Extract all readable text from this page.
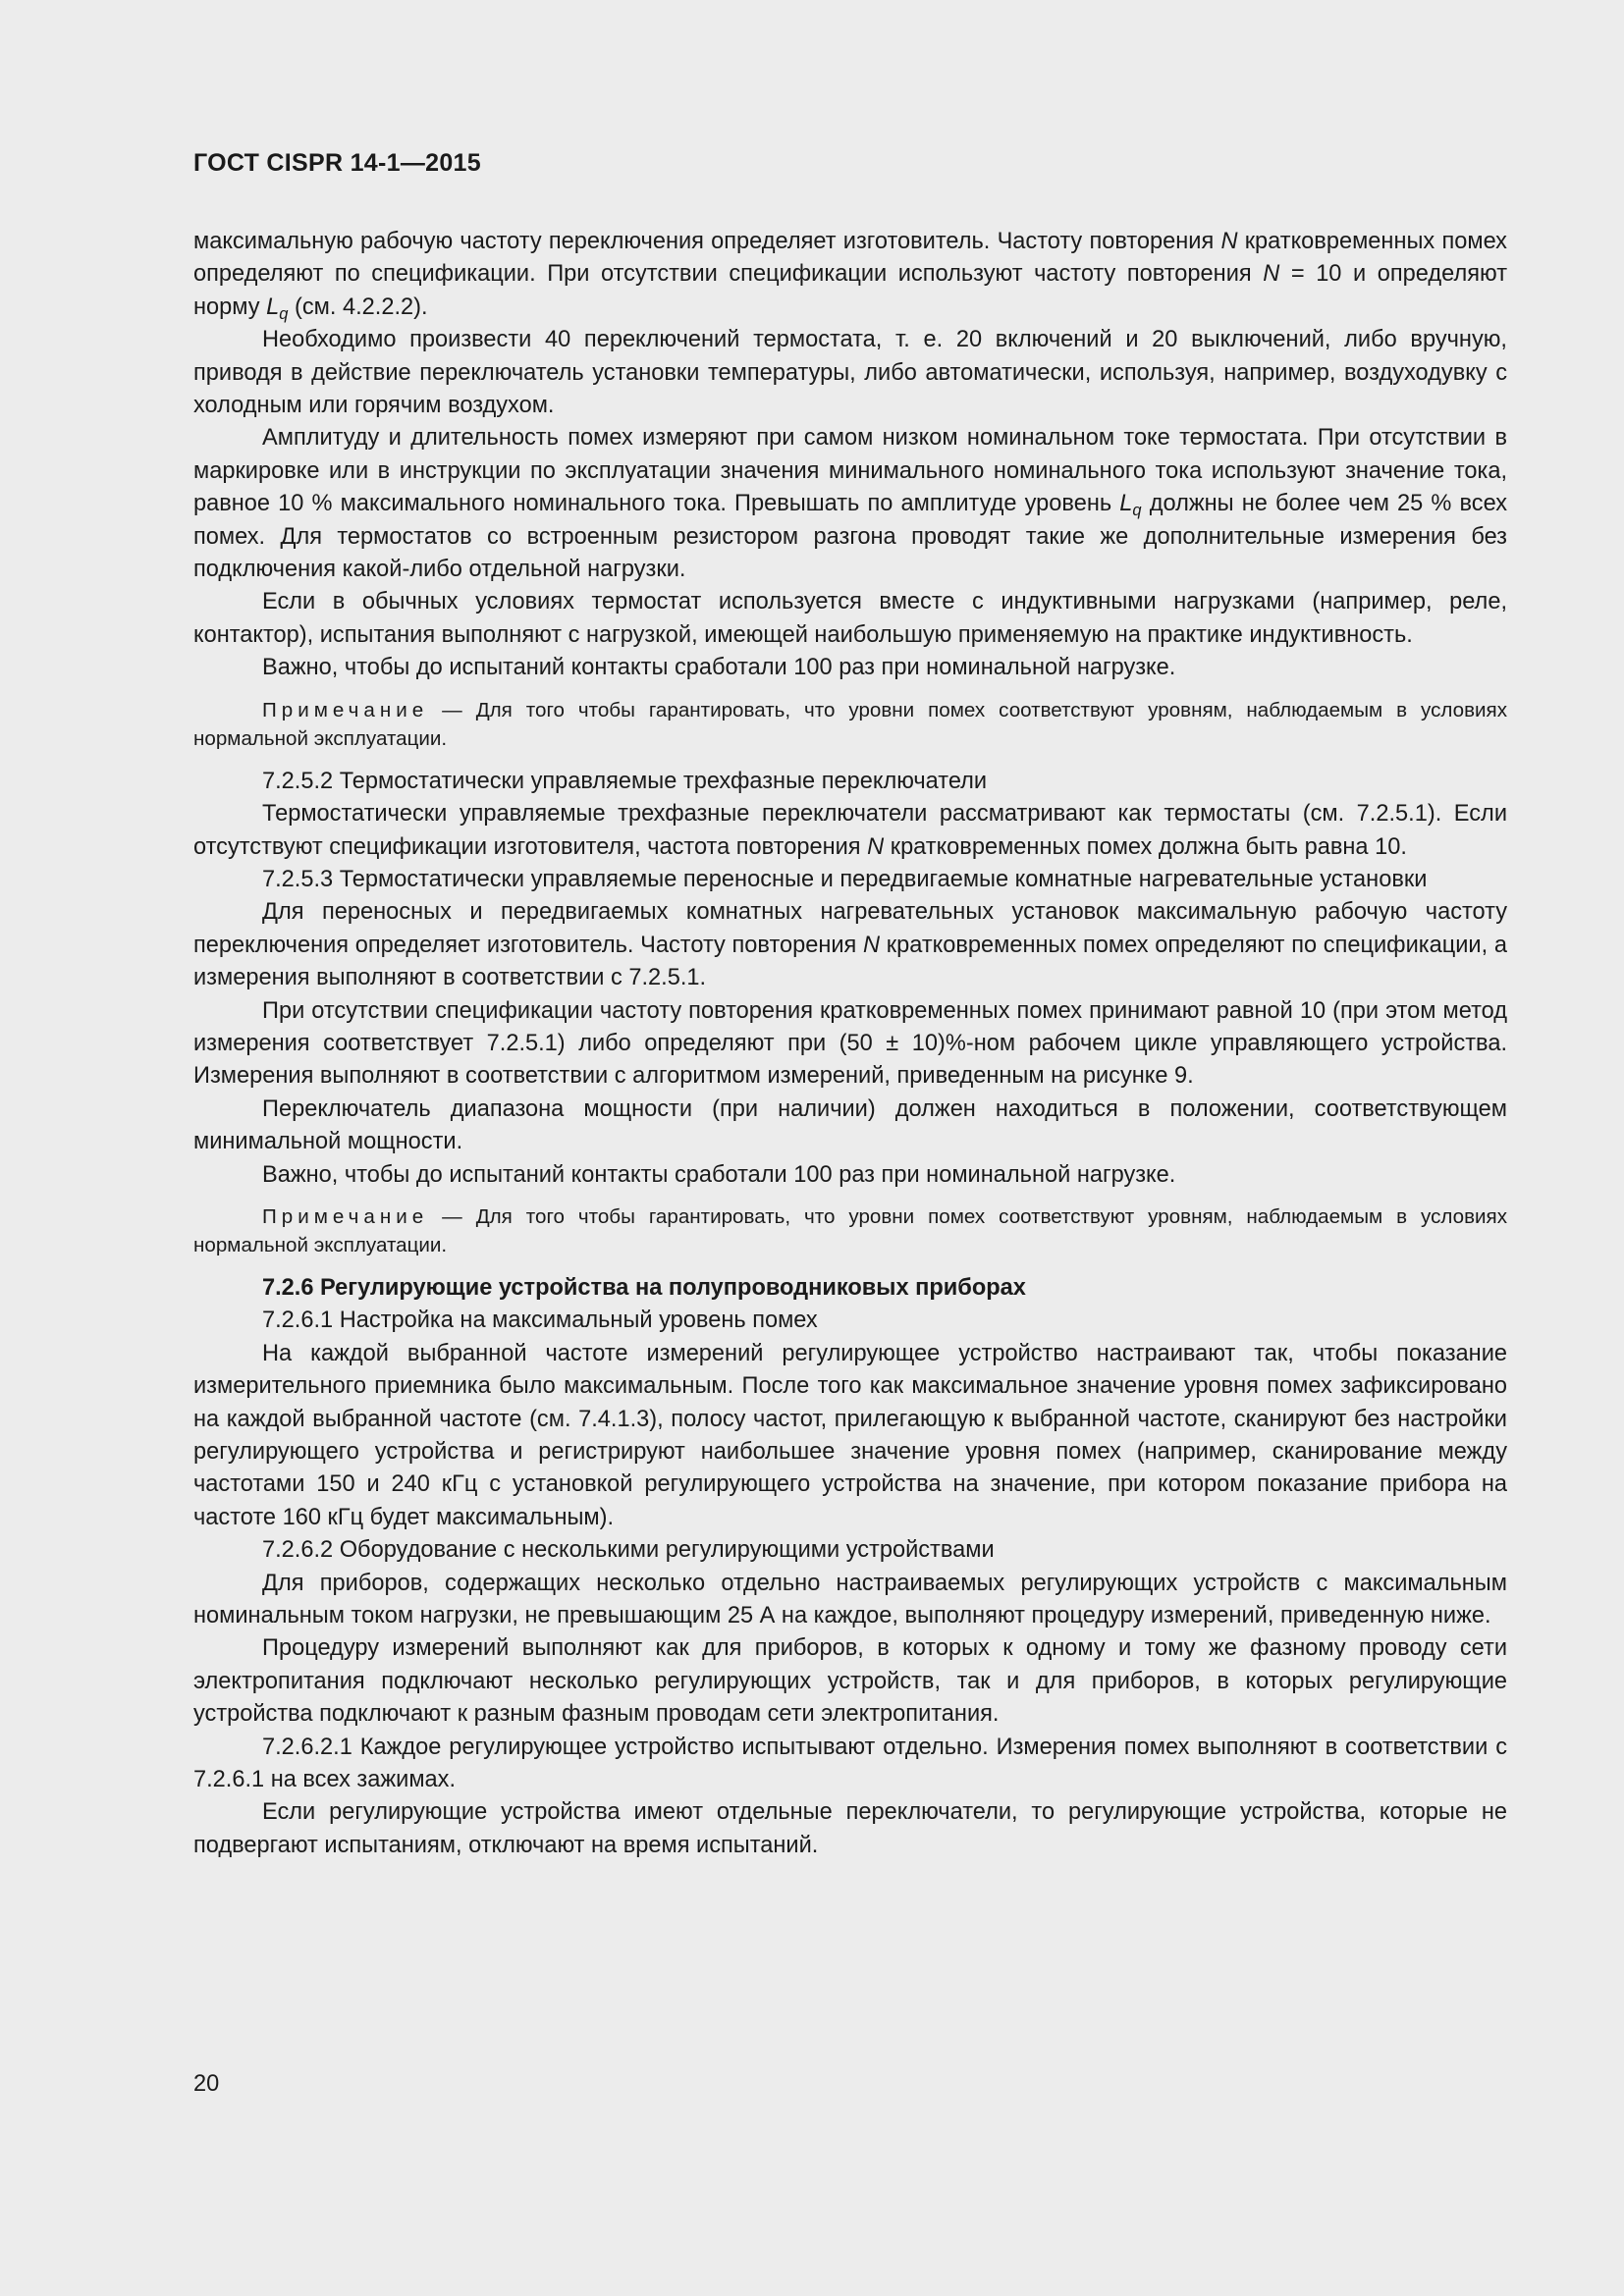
ГОСТ CISPR 14-1—2015

максимальную рабочую частоту переключения определяет изготовитель. Частоту повторения N кратковременных помех определяют по спецификации. При отсутствии спецификации используют частоту повторения N = 10 и определяют норму $L_q$ (см. 4.2.2.2).

Необходимо произвести 40 переключений термостата, т. е. 20 включений и 20 выключений, либо вручную, приводя в действие переключатель установки температуры, либо автоматически, используя, например, воздуходувку с холодным или горячим воздухом.

Амплитуду и длительность помех измеряют при самом низком номинальном токе термостата. При отсутствии в маркировке или в инструкции по эксплуатации значения минимального номинального тока используют значение тока, равное 10 % максимального номинального тока. Превышать по амплитуде уровень $L_q$ должны не более чем 25 % всех помех. Для термостатов со встроенным резистором разгона проводят такие же дополнительные измерения без подключения какой-либо отдельной нагрузки.

Если в обычных условиях термостат используется вместе с индуктивными нагрузками (например, реле, контактор), испытания выполняют с нагрузкой, имеющей наибольшую применяемую на практике индуктивность.

Важно, чтобы до испытаний контакты сработали 100 раз при номинальной нагрузке.

Примечание — Для того чтобы гарантировать, что уровни помех соответствуют уровням, наблюдаемым в условиях нормальной эксплуатации.

7.2.5.2 Термостатически управляемые трехфазные переключатели

Термостатически управляемые трехфазные переключатели рассматривают как термостаты (см. 7.2.5.1). Если отсутствуют спецификации изготовителя, частота повторения N кратковременных помех должна быть равна 10.

7.2.5.3 Термостатически управляемые переносные и передвигаемые комнатные нагревательные установки

Для переносных и передвигаемых комнатных нагревательных установок максимальную рабочую частоту переключения определяет изготовитель. Частоту повторения N кратковременных помех определяют по спецификации, а измерения выполняют в соответствии с 7.2.5.1.

При отсутствии спецификации частоту повторения кратковременных помех принимают равной 10 (при этом метод измерения соответствует 7.2.5.1) либо определяют при (50 ± 10)%-ном рабочем цикле управляющего устройства. Измерения выполняют в соответствии с алгоритмом измерений, приведенным на рисунке 9.

Переключатель диапазона мощности (при наличии) должен находиться в положении, соответствующем минимальной мощности.

Важно, чтобы до испытаний контакты сработали 100 раз при номинальной нагрузке.

Примечание — Для того чтобы гарантировать, что уровни помех соответствуют уровням, наблюдаемым в условиях нормальной эксплуатации.

7.2.6 Регулирующие устройства на полупроводниковых приборах

7.2.6.1 Настройка на максимальный уровень помех

На каждой выбранной частоте измерений регулирующее устройство настраивают так, чтобы показание измерительного приемника было максимальным. После того как максимальное значение уровня помех зафиксировано на каждой выбранной частоте (см. 7.4.1.3), полосу частот, прилегающую к выбранной частоте, сканируют без настройки регулирующего устройства и регистрируют наибольшее значение уровня помех (например, сканирование между частотами 150 и 240 кГц с установкой регулирующего устройства на значение, при котором показание прибора на частоте 160 кГц будет максимальным).

7.2.6.2 Оборудование с несколькими регулирующими устройствами

Для приборов, содержащих несколько отдельно настраиваемых регулирующих устройств с максимальным номинальным током нагрузки, не превышающим 25 А на каждое, выполняют процедуру измерений, приведенную ниже.

Процедуру измерений выполняют как для приборов, в которых к одному и тому же фазному проводу сети электропитания подключают несколько регулирующих устройств, так и для приборов, в которых регулирующие устройства подключают к разным фазным проводам сети электропитания.

7.2.6.2.1 Каждое регулирующее устройство испытывают отдельно. Измерения помех выполняют в соответствии с 7.2.6.1 на всех зажимах.

Если регулирующие устройства имеют отдельные переключатели, то регулирующие устройства, которые не подвергают испытаниям, отключают на время испытаний.

20
